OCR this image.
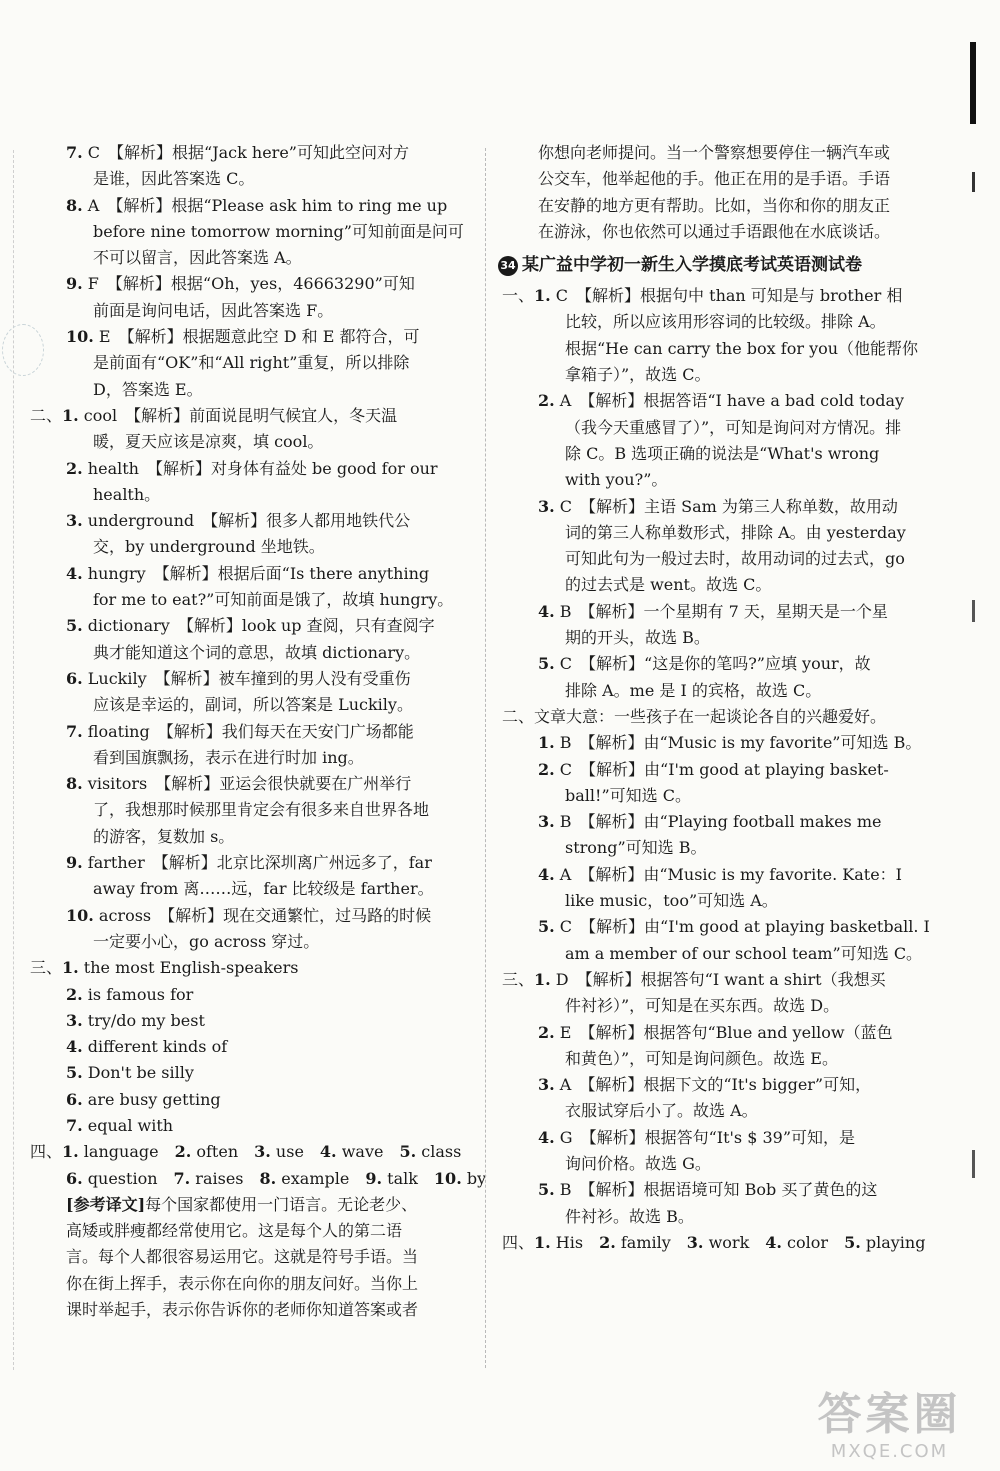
7. C　【解析】根据“Jack here”可知此空问对方
是谁，因此答案选 C。
8. A　【解析】根据“Please ask him to ring me up
before nine tomorrow morning”可知前面是问可
不可以留言，因此答案选 A。
9. F　【解析】根据“Oh，yes，46663290”可知
前面是询问电话，因此答案选 F。
10. E　【解析】根据题意此空 D 和 E 都符合，可
是前面有“OK”和“All right”重复，所以排除
D，答案选 E。
二、1. cool　【解析】前面说昆明气候宜人，冬天温
暖，夏天应该是凉爽，填 cool。
2. health　【解析】对身体有益处 be good for our
health。
3. underground　【解析】很多人都用地铁代公
交，by underground 坐地铁。
4. hungry　【解析】根据后面“Is there anything
for me to eat?”可知前面是饿了，故填 hungry。
5. dictionary　【解析】look up 查阅，只有查阅字
典才能知道这个词的意思，故填 dictionary。
6. Luckily　【解析】被车撞到的男人没有受重伤
应该是幸运的，副词，所以答案是 Luckily。
7. floating　【解析】我们每天在天安门广场都能
看到国旗飘扬，表示在进行时加 ing。
8. visitors　【解析】亚运会很快就要在广州举行
了，我想那时候那里肯定会有很多来自世界各地
的游客，复数加 s。
9. farther　【解析】北京比深圳离广州远多了，far
away from 离……远，far 比较级是 farther。
10. across　【解析】现在交通繁忙，过马路的时候
一定要小心，go across 穿过。
三、1. the most English-speakers
2. is famous for
3. try/do my best
4. different kinds of
5. Don't be silly
6. are busy getting
7. equal with
四、1. language　2. often　3. use　4. wave　5. class
6. question　7. raises　8. example　9. talk　10. by
[参考译文]每个国家都使用一门语言。无论老少、
高矮或胖瘦都经常使用它。这是每个人的第二语
言。每个人都很容易运用它。这就是符号手语。当
你在街上挥手，表示你在向你的朋友问好。当你上
课时举起手，表示你告诉你的老师你知道答案或者
你想向老师提问。当一个警察想要停住一辆汽车或
公交车，他举起他的手。他正在用的是手语。手语
在安静的地方更有帮助。比如，当你和你的朋友正
在游泳，你也依然可以通过手语跟他在水底谈话。
34 某广益中学初一新生入学摸底考试英语测试卷
一、1. C　【解析】根据句中 than 可知是与 brother 相
比较，所以应该用形容词的比较级。排除 A。
根据“He can carry the box for you（他能帮你
拿箱子）”，故选 C。
2. A　【解析】根据答语“I have a bad cold today
（我今天重感冒了）”，可知是询问对方情况。排
除 C。B 选项正确的说法是“What's wrong
with you?”。
3. C　【解析】主语 Sam 为第三人称单数，故用动
词的第三人称单数形式，排除 A。由 yesterday
可知此句为一般过去时，故用动词的过去式，go
的过去式是 went。故选 C。
4. B　【解析】一个星期有 7 天，星期天是一个星
期的开头，故选 B。
5. C　【解析】“这是你的笔吗?”应填 your，故
排除 A。me 是 I 的宾格，故选 C。
二、文章大意：一些孩子在一起谈论各自的兴趣爱好。
1. B　【解析】由“Music is my favorite”可知选 B。
2. C　【解析】由“I'm good at playing basket-
ball!”可知选 C。
3. B　【解析】由“Playing football makes me
strong”可知选 B。
4. A　【解析】由“Music is my favorite. Kate：I
like music，too”可知选 A。
5. C　【解析】由“I'm good at playing basketball. I
am a member of our school team”可知选 C。
三、1. D　【解析】根据答句“I want a shirt（我想买
件衬衫）”，可知是在买东西。故选 D。
2. E　【解析】根据答句“Blue and yellow（蓝色
和黄色）”，可知是询问颜色。故选 E。
3. A　【解析】根据下文的“It's bigger”可知，
衣服试穿后小了。故选 A。
4. G　【解析】根据答句“It's $ 39”可知，是
询问价格。故选 G。
5. B　【解析】根据语境可知 Bob 买了黄色的这
件衬衫。故选 B。
四、1. His　2. family　3. work　4. color　5. playing
答案圈
MXQE.COM
